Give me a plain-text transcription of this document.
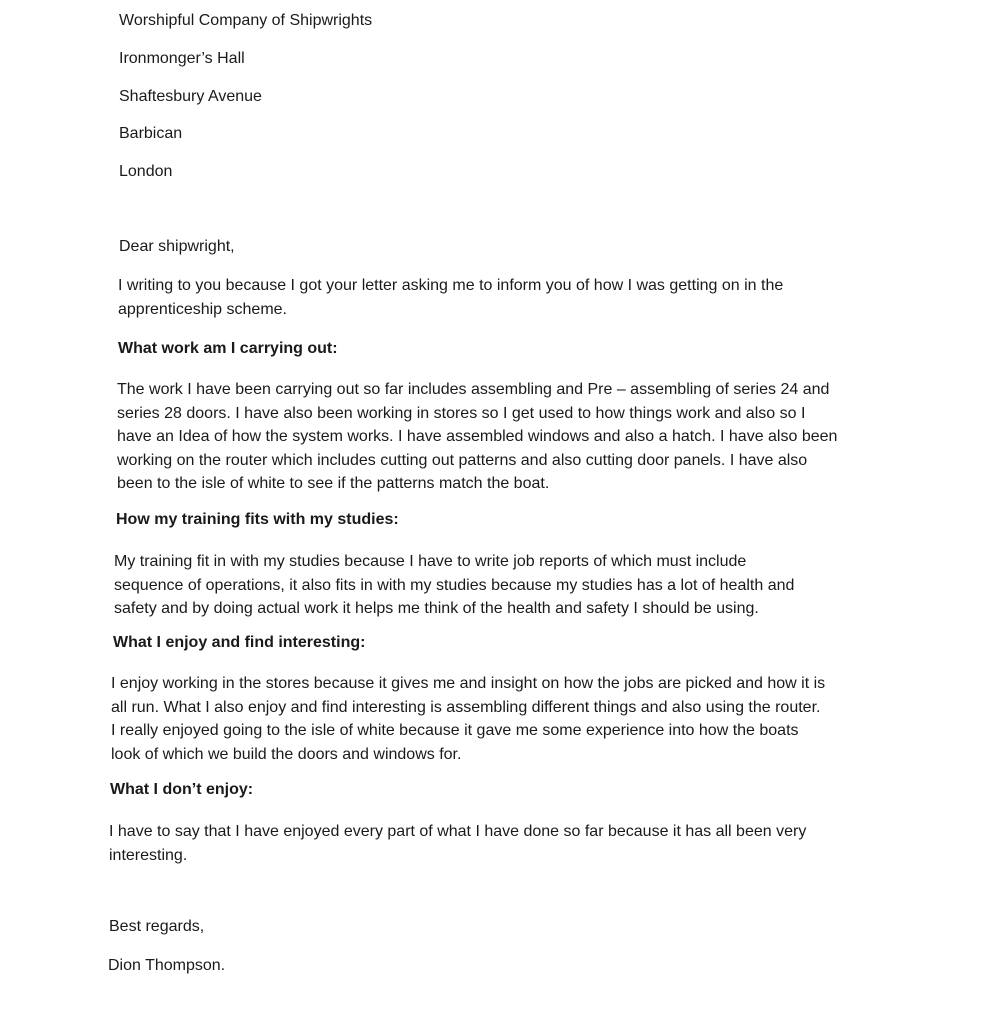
Worshipful Company of Shipwrights
Ironmonger’s Hall
Shaftesbury Avenue
Barbican
London
Dear shipwright,
I writing to you because I got your letter asking me to inform you of how I was getting on in the
apprenticeship scheme.
What work am I carrying out:
The work I have been carrying out so far includes assembling and Pre – assembling of series 24 and
series 28 doors. I have also been working in stores so I get used to how things work and also so I
have an Idea of how the system works. I have assembled windows and also a hatch. I have also been
working on the router which includes cutting out patterns and also cutting door panels. I have also
been to the isle of white to see if the patterns match the boat.
How my training fits with my studies:
My training fit in with my studies because I have to write job reports of which must include
sequence of operations, it also fits in with my studies because my studies has a lot of health and
safety and by doing actual work it helps me think of the health and safety I should be using.
What I enjoy and find interesting:
I enjoy working in the stores because it gives me and insight on how the jobs are picked and how it is
all run. What I also enjoy and find interesting is assembling different things and also using the router.
I really enjoyed going to the isle of white because it gave me some experience into how the boats
look of which we build the doors and windows for.
What I don’t enjoy:
I have to say that I have enjoyed every part of what I have done so far because it has all been very
interesting.
Best regards,
Dion Thompson.
